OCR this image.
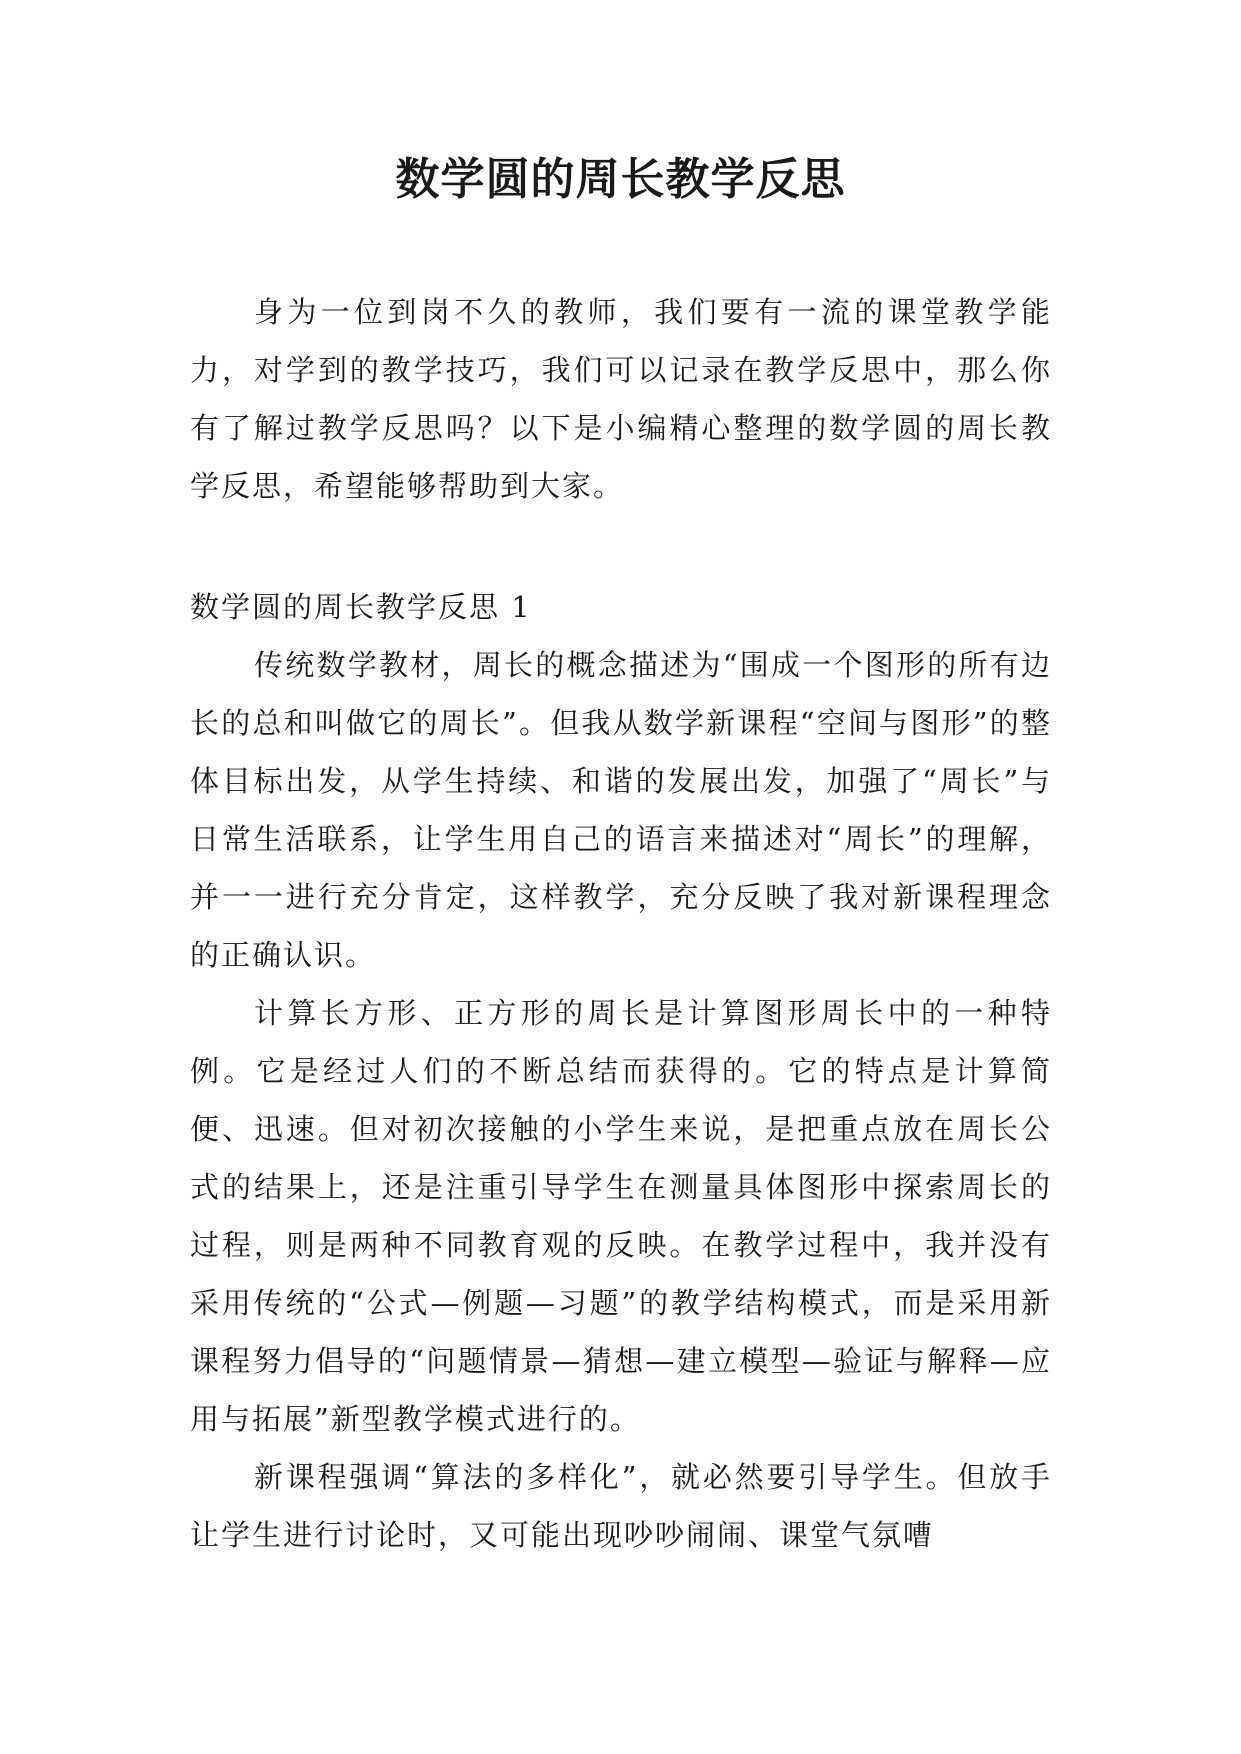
数学圆的周长教学反思

身为一位到岗不久的教师，我们要有一流的课堂教学能力，对学到的教学技巧，我们可以记录在教学反思中，那么你有了解过教学反思吗？以下是小编精心整理的数学圆的周长教学反思，希望能够帮助到大家。

数学圆的周长教学反思 1

传统数学教材，周长的概念描述为“围成一个图形的所有边长的总和叫做它的周长”。但我从数学新课程“空间与图形”的整体目标出发，从学生持续、和谐的发展出发，加强了“周长”与日常生活联系，让学生用自己的语言来描述对“周长”的理解，并一一进行充分肯定，这样教学，充分反映了我对新课程理念的正确认识。

计算长方形、正方形的周长是计算图形周长中的一种特例。它是经过人们的不断总结而获得的。它的特点是计算简便、迅速。但对初次接触的小学生来说，是把重点放在周长公式的结果上，还是注重引导学生在测量具体图形中探索周长的过程，则是两种不同教育观的反映。在教学过程中，我并没有采用传统的“公式—例题—习题”的教学结构模式，而是采用新课程努力倡导的“问题情景—猜想—建立模型—验证与解释—应用与拓展”新型教学模式进行的。

新课程强调“算法的多样化”，就必然要引导学生。但放手让学生进行讨论时，又可能出现吵吵闹闹、课堂气氛嘈
